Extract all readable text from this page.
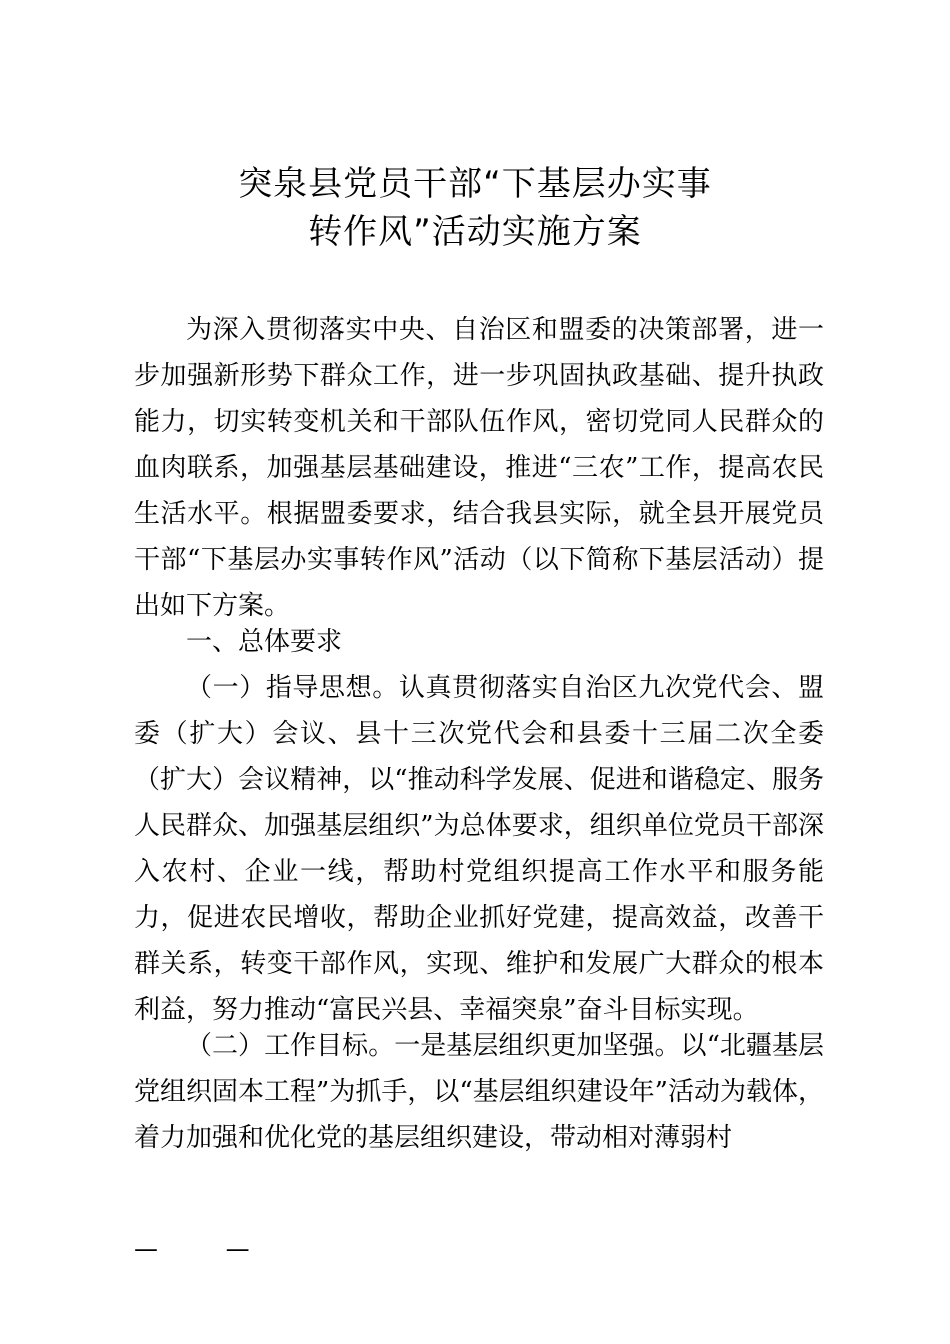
突泉县党员干部“下基层办实事
转作风”活动实施方案

为深入贯彻落实中央、自治区和盟委的决策部署，进一步加强新形势下群众工作，进一步巩固执政基础、提升执政能力，切实转变机关和干部队伍作风，密切党同人民群众的血肉联系，加强基层基础建设，推进“三农”工作，提高农民生活水平。根据盟委要求，结合我县实际，就全县开展党员干部“下基层办实事转作风”活动（以下简称下基层活动）提出如下方案。

一、总体要求

（一）指导思想。认真贯彻落实自治区九次党代会、盟委（扩大）会议、县十三次党代会和县委十三届二次全委（扩大）会议精神，以“推动科学发展、促进和谐稳定、服务人民群众、加强基层组织”为总体要求，组织单位党员干部深入农村、企业一线，帮助村党组织提高工作水平和服务能力，促进农民增收，帮助企业抓好党建，提高效益，改善干群关系，转变干部作风，实现、维护和发展广大群众的根本利益，努力推动“富民兴县、幸福突泉”奋斗目标实现。

（二）工作目标。一是基层组织更加坚强。以“北疆基层党组织固本工程”为抓手，以“基层组织建设年”活动为载体，着力加强和优化党的基层组织建设，带动相对薄弱村

— —
